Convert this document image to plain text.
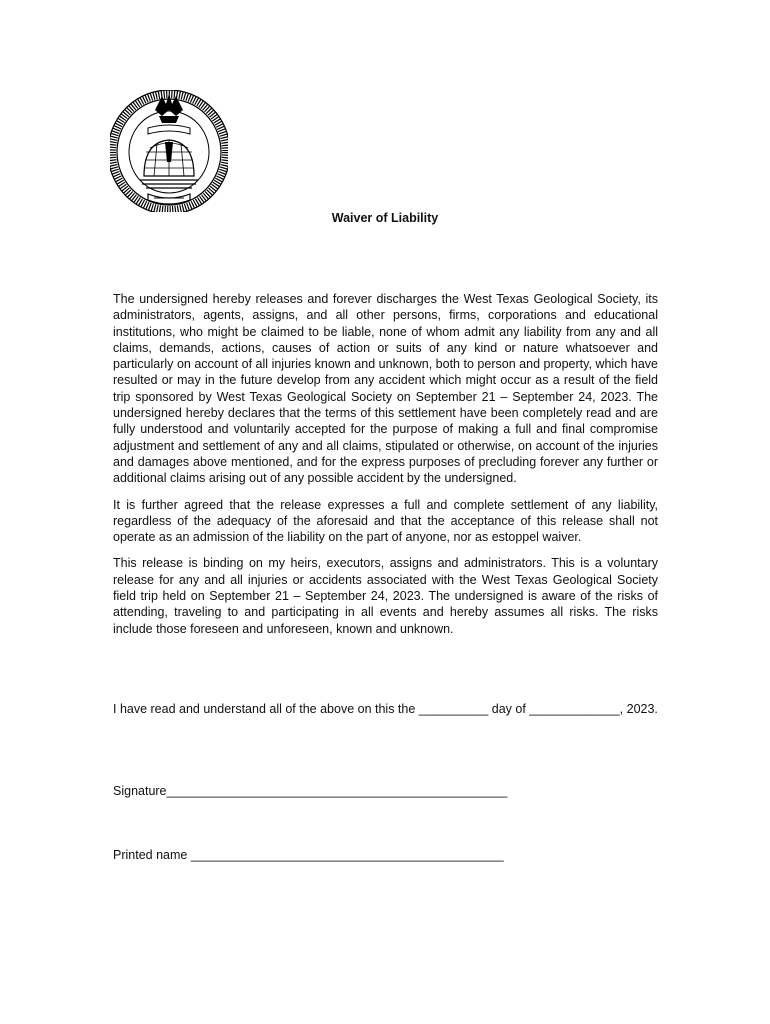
Waiver of Liability

The undersigned hereby releases and forever discharges the West Texas Geological Society, its administrators, agents, assigns, and all other persons, firms, corporations and educational institutions, who might be claimed to be liable, none of whom admit any liability from any and all claims, demands, actions, causes of action or suits of any kind or nature whatsoever and particularly on account of all injuries known and unknown, both to person and property, which have resulted or may in the future develop from any accident which might occur as a result of the field trip sponsored by West Texas Geological Society on September 21 – September 24, 2023. The undersigned hereby declares that the terms of this settlement have been completely read and are fully understood and voluntarily accepted for the purpose of making a full and final compromise adjustment and settlement of any and all claims, stipulated or otherwise, on account of the injuries and damages above mentioned, and for the express purposes of precluding forever any further or additional claims arising out of any possible accident by the undersigned.

It is further agreed that the release expresses a full and complete settlement of any liability, regardless of the adequacy of the aforesaid and that the acceptance of this release shall not operate as an admission of the liability on the part of anyone, nor as estoppel waiver.

This release is binding on my heirs, executors, assigns and administrators. This is a voluntary release for any and all injuries or accidents associated with the West Texas Geological Society field trip held on September 21 – September 24, 2023. The undersigned is aware of the risks of attending, traveling to and participating in all events and hereby assumes all risks. The risks include those foreseen and unforeseen, known and unknown.

I have read and understand all of the above on this the __________ day of _____________, 2023.

Signature_________________________________________________

Printed name _____________________________________________
